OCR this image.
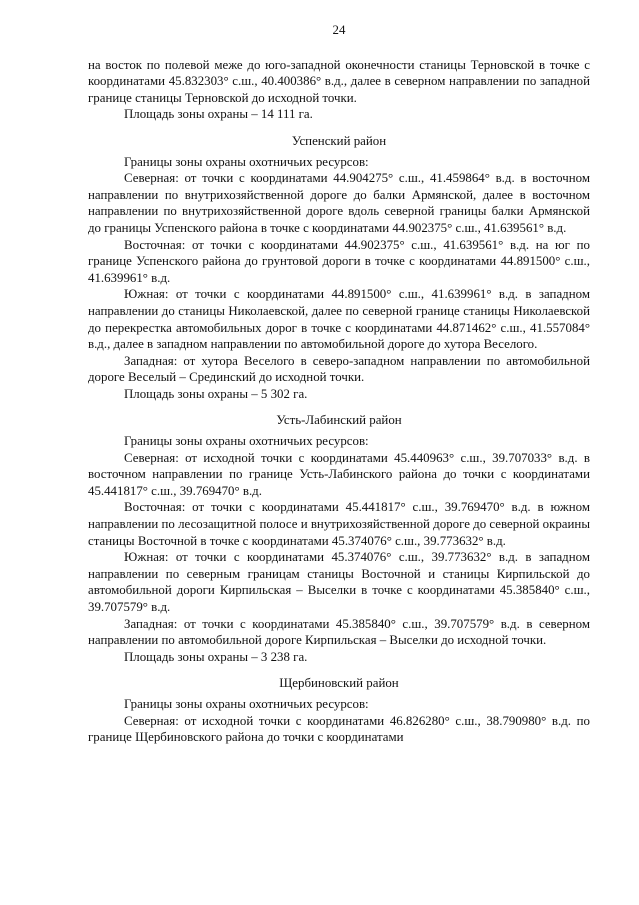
24

на восток по полевой меже до юго-западной оконечности станицы Терновской в точке с координатами 45.832303° с.ш., 40.400386° в.д., далее в северном направлении по западной границе станицы Терновской до исходной точки.

Площадь зоны охраны – 14 111 га.

Успенский район

Границы зоны охраны охотничьих ресурсов:

Северная: от точки с координатами 44.904275° с.ш., 41.459864° в.д. в восточном направлении по внутрихозяйственной дороге до балки Армянской, далее в восточном направлении по внутрихозяйственной дороге вдоль северной границы балки Армянской до границы Успенского района в точке с координатами 44.902375° с.ш., 41.639561° в.д.

Восточная: от точки с координатами 44.902375° с.ш., 41.639561° в.д. на юг по границе Успенского района до грунтовой дороги в точке с координатами 44.891500° с.ш., 41.639961° в.д.

Южная: от точки с координатами 44.891500° с.ш., 41.639961° в.д. в западном направлении до станицы Николаевской, далее по северной границе станицы Николаевской до перекрестка автомобильных дорог в точке с координатами 44.871462° с.ш., 41.557084° в.д., далее в западном направлении по автомобильной дороге до хутора Веселого.

Западная: от хутора Веселого в северо-западном направлении по автомобильной дороге Веселый – Срединский до исходной точки.

Площадь зоны охраны – 5 302 га.

Усть-Лабинский район

Границы зоны охраны охотничьих ресурсов:

Северная: от исходной точки с координатами 45.440963° с.ш., 39.707033° в.д. в восточном направлении по границе Усть-Лабинского района до точки с координатами 45.441817° с.ш., 39.769470° в.д.

Восточная: от точки с координатами 45.441817° с.ш., 39.769470° в.д. в южном направлении по лесозащитной полосе и внутрихозяйственной дороге до северной окраины станицы Восточной в точке с координатами 45.374076° с.ш., 39.773632° в.д.

Южная: от точки с координатами 45.374076° с.ш., 39.773632° в.д. в западном направлении по северным границам станицы Восточной и станицы Кирпильской до автомобильной дороги Кирпильская – Выселки в точке с координатами 45.385840° с.ш., 39.707579° в.д.

Западная: от точки с координатами 45.385840° с.ш., 39.707579° в.д. в северном направлении по автомобильной дороге Кирпильская – Выселки до исходной точки.

Площадь зоны охраны – 3 238 га.

Щербиновский район

Границы зоны охраны охотничьих ресурсов:

Северная: от исходной точки с координатами 46.826280° с.ш., 38.790980° в.д. по границе Щербиновского района до точки с координатами
